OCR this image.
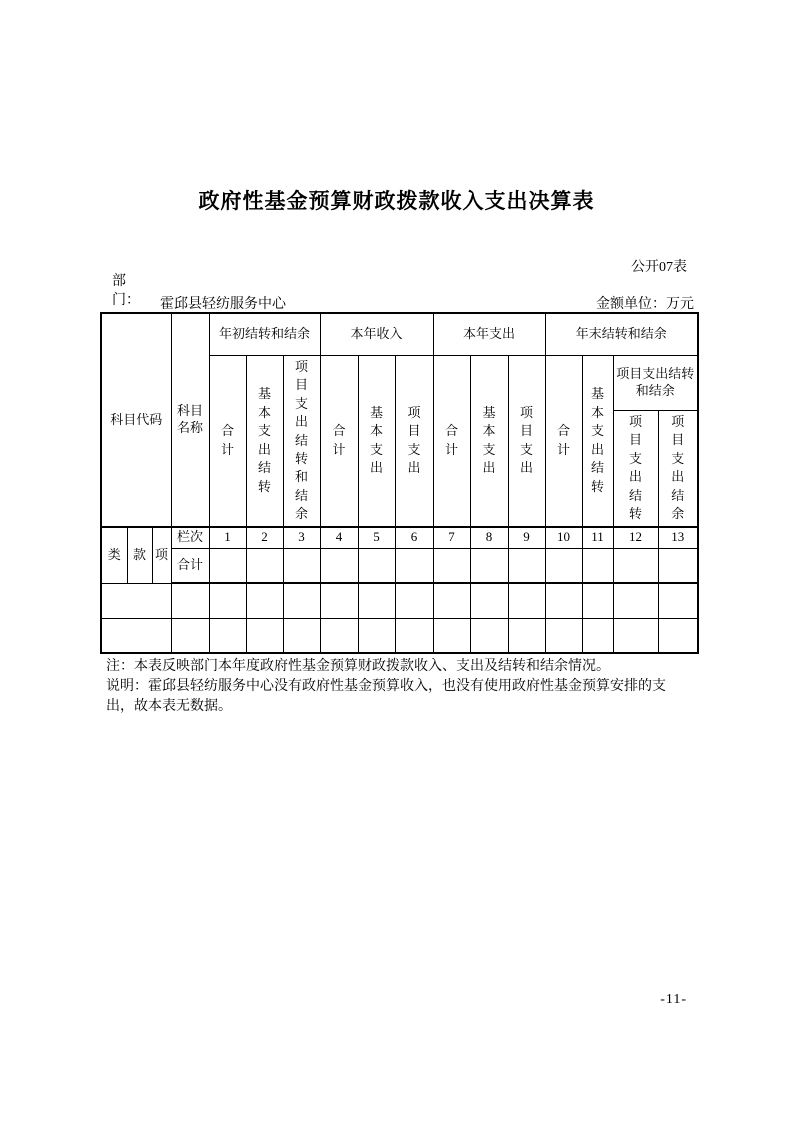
政府性基金预算财政拨款收入支出决算表
公开07表
部门： 霍邱县轻纺服务中心	金额单位：万元
科目代码			科目名称	年初结转和结余			本年收入			本年支出			年末结转和结余			
				合计	基本支出结转	项目支出结转和结余	合计	基本支出	项目支出	合计	基本支出	项目支出	合计	基本支出结转	项目支出结转和结余	
															项目支出结转	项目支出结余
类	款	项	栏次	1	2	3	4	5	6	7	8	9	10	11	12	13
			合计													

注：本表反映部门本年度政府性基金预算财政拨款收入、支出及结转和结余情况。
说明：霍邱县轻纺服务中心没有政府性基金预算收入，也没有使用政府性基金预算安排的支
出，故本表无数据。
-11-
